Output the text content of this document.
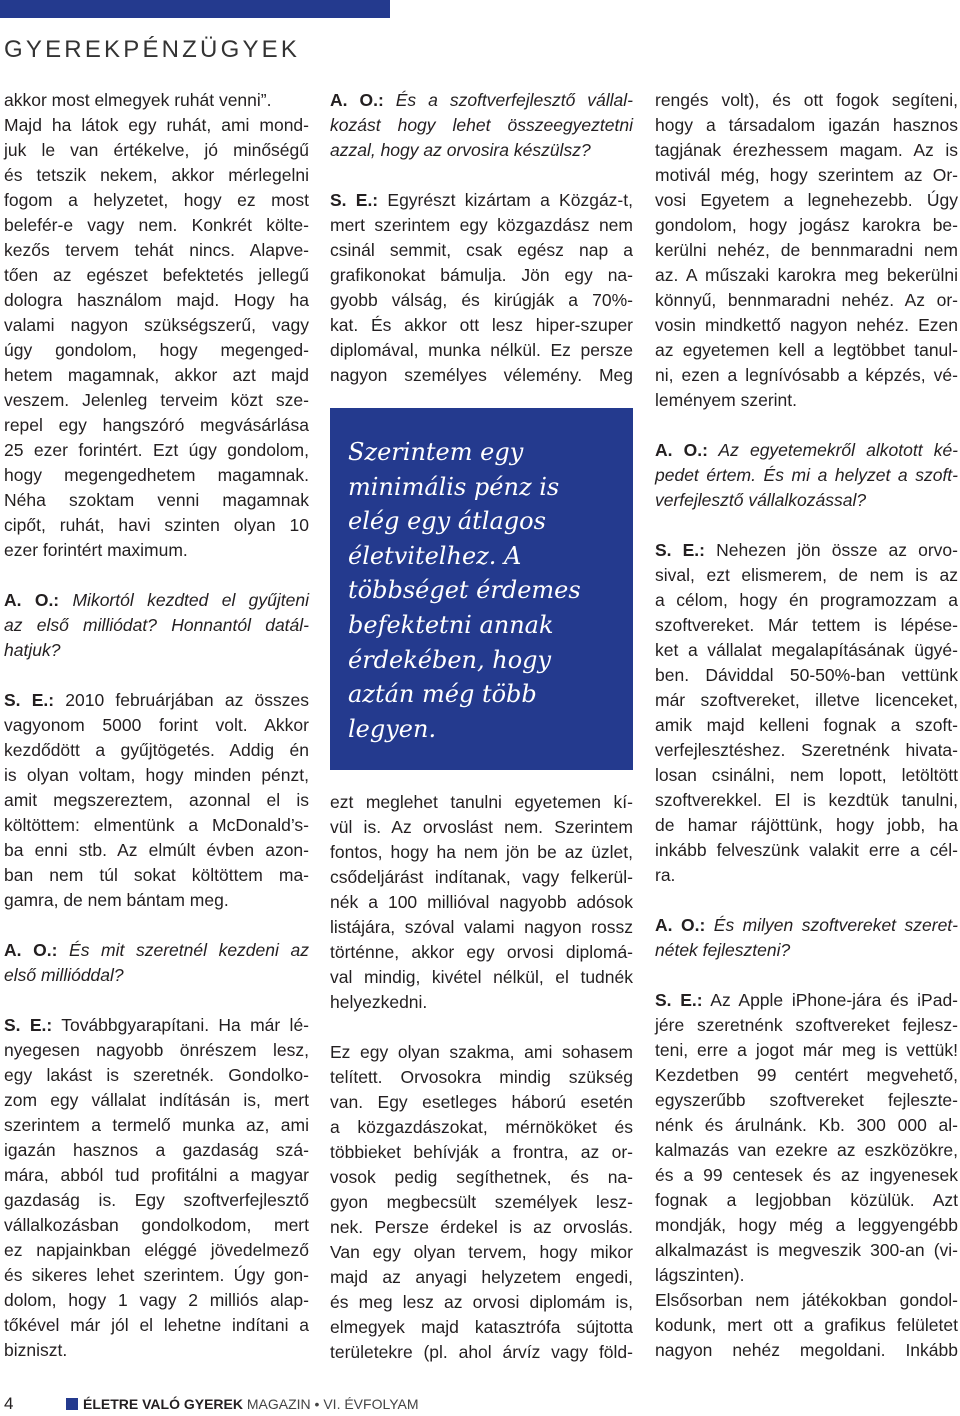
GYEREKPÉNZÜGYEK
akkor most elmegyek ruhát venni”.
Majd ha látok egy ruhát, ami mond-
juk le van értékelve, jó minőségű
és tetszik nekem, akkor mérlegelni
fogom a helyzetet, hogy ez most
belefér-e vagy nem. Konkrét költe-
kezős tervem tehát nincs. Alapve-
tően az egészet befektetés jellegű
dologra használom majd. Hogy ha
valami nagyon szükségszerű, vagy
úgy gondolom, hogy megenged-
hetem magamnak, akkor azt majd
veszem. Jelenleg terveim közt sze-
repel egy hangszóró megvásárlása
25 ezer forintért. Ezt úgy gondolom,
hogy megengedhetem magamnak.
Néha szoktam venni magamnak
cipőt, ruhát, havi szinten olyan 10
ezer forintért maximum.
A. O.: Mikortól kezdted el gyűjteni
az első milliódat? Honnantól datál-
hatjuk?
S. E.: 2010 februárjában az összes
vagyonom 5000 forint volt. Akkor
kezdődött a gyűjtögetés. Addig én
is olyan voltam, hogy minden pénzt,
amit megszereztem, azonnal el is
költöttem: elmentünk a McDonald’s-
ba enni stb. Az elmúlt évben azon-
ban nem túl sokat költöttem ma-
gamra, de nem bántam meg.
A. O.: És mit szeretnél kezdeni az
első millióddal?
S. E.: Továbbgyarapítani. Ha már lé-
nyegesen nagyobb önrészem lesz,
egy lakást is szeretnék. Gondolko-
zom egy vállalat indításán is, mert
szerintem a termelő munka az, ami
igazán hasznos a gazdaság szá-
mára, abból tud profitálni a magyar
gazdaság is. Egy szoftverfejlesztő
vállalkozásban gondolkodom, mert
ez napjainkban eléggé jövedelmező
és sikeres lehet szerintem. Úgy gon-
dolom, hogy 1 vagy 2 milliós alap-
tőkével már jól el lehetne indítani a
bizniszt.
A. O.: És a szoftverfejlesztő vállal-
kozást hogy lehet összeegyeztetni
azzal, hogy az orvosira készülsz?
S. E.: Egyrészt kizártam a Közgáz-t,
mert szerintem egy közgazdász nem
csinál semmit, csak egész nap a
grafikonokat bámulja. Jön egy na-
gyobb válság, és kirúgják a 70%-
kat. És akkor ott lesz hiper-szuper
diplomával, munka nélkül. Ez persze
nagyon személyes vélemény. Meg
Szerintem egy
minimális pénz is
elég egy átlagos
életvitelhez. A
többséget érdemes
befektetni annak
érdekében, hogy
aztán még több
legyen.
ezt meglehet tanulni egyetemen kí-
vül is. Az orvoslást nem. Szerintem
fontos, hogy ha nem jön be az üzlet,
csődeljárást indítanak, vagy felkerül-
nék a 100 millióval nagyobb adósok
listájára, szóval valami nagyon rossz
történne, akkor egy orvosi diplomá-
val mindig, kivétel nélkül, el tudnék
helyezkedni.
Ez egy olyan szakma, ami sohasem
telített. Orvosokra mindig szükség
van. Egy esetleges háború esetén
a közgazdászokat, mérnököket és
többieket behívják a frontra, az or-
vosok pedig segíthetnek, és na-
gyon megbecsült személyek lesz-
nek. Persze érdekel is az orvoslás.
Van egy olyan tervem, hogy mikor
majd az anyagi helyzetem engedi,
és meg lesz az orvosi diplomám is,
elmegyek majd katasztrófa sújtotta
területekre (pl. ahol árvíz vagy föld-
rengés volt), és ott fogok segíteni,
hogy a társadalom igazán hasznos
tagjának érezhessem magam. Az is
motivál még, hogy szerintem az Or-
vosi Egyetem a legnehezebb. Úgy
gondolom, hogy jogász karokra be-
kerülni nehéz, de bennmaradni nem
az. A műszaki karokra meg bekerülni
könnyű, bennmaradni nehéz. Az or-
vosin mindkettő nagyon nehéz. Ezen
az egyetemen kell a legtöbbet tanul-
ni, ezen a legnívósabb a képzés, vé-
leményem szerint.
A. O.: Az egyetemekről alkotott ké-
pedet értem. És mi a helyzet a szoft-
verfejlesztő vállalkozással?
S. E.: Nehezen jön össze az orvo-
sival, ezt elismerem, de nem is az
a célom, hogy én programozzam a
szoftvereket. Már tettem is lépése-
ket a vállalat megalapításának ügyé-
ben. Dáviddal 50-50%-ban vettünk
már szoftvereket, illetve licenceket,
amik majd kelleni fognak a szoft-
verfejlesztéshez. Szeretnénk hivata-
losan csinálni, nem lopott, letöltött
szoftverekkel. El is kezdtük tanulni,
de hamar rájöttünk, hogy jobb, ha
inkább felveszünk valakit erre a cél-
ra.
A. O.: És milyen szoftvereket szeret-
nétek fejleszteni?
S. E.: Az Apple iPhone-jára és iPad-
jére szeretnénk szoftvereket fejlesz-
teni, erre a jogot már meg is vettük!
Kezdetben 99 centért megvehető,
egyszerűbb szoftvereket fejleszte-
nénk és árulnánk. Kb. 300 000 al-
kalmazás van ezekre az eszközökre,
és a 99 centesek és az ingyenesek
fognak a legjobban közülük. Azt
mondják, hogy még a leggyengébb
alkalmazást is megveszik 300-an (vi-
lágszinten).
Elsősorban nem játékokban gondol-
kodunk, mert ott a grafikus felületet
nagyon nehéz megoldani. Inkább
4	ÉLETRE VALÓ GYEREK MAGAZIN • VI. ÉVFOLYAM
